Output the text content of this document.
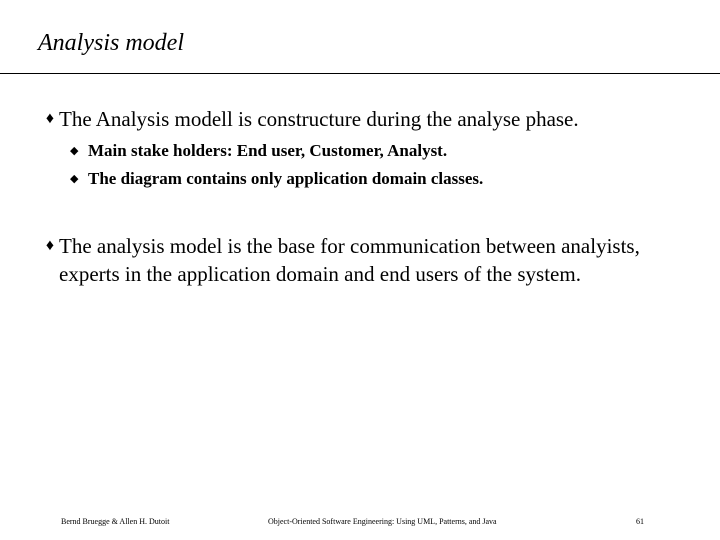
Analysis model
♦ The Analysis modell is constructure during the analyse phase.
◆ Main stake holders: End user, Customer, Analyst.
◆ The diagram contains only application domain classes.
♦ The analysis model is the base for communication between analyists, experts in the application domain and end users of the system.
Bernd Bruegge & Allen H. Dutoit	Object-Oriented Software Engineering: Using UML, Patterns, and Java	61
